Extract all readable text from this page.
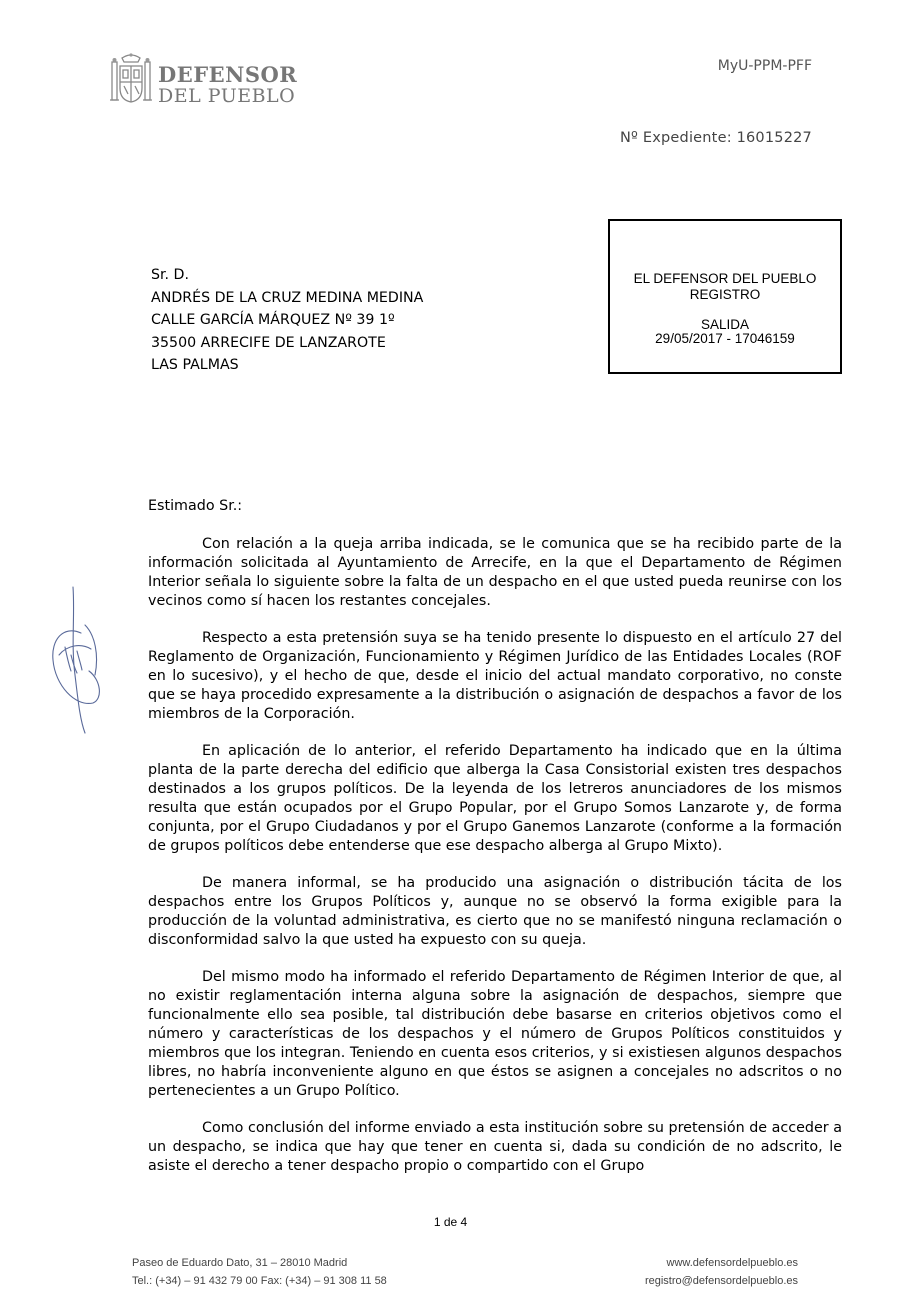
DEFENSOR
DEL PUEBLO
MyU-PPM-PFF
Nº Expediente: 16015227
EL DEFENSOR DEL PUEBLO
REGISTRO
SALIDA
29/05/2017 - 17046159
Sr. D.
ANDRÉS DE LA CRUZ MEDINA MEDINA
CALLE GARCÍA MÁRQUEZ Nº 39 1º
35500 ARRECIFE DE LANZAROTE
LAS PALMAS
Estimado Sr.:

Con relación a la queja arriba indicada, se le comunica que se ha recibido parte de la información solicitada al Ayuntamiento de Arrecife, en la que el Departamento de Régimen Interior señala lo siguiente sobre la falta de un despacho en el que usted pueda reunirse con los vecinos como sí hacen los restantes concejales.

Respecto a esta pretensión suya se ha tenido presente lo dispuesto en el artículo 27 del Reglamento de Organización, Funcionamiento y Régimen Jurídico de las Entidades Locales (ROF en lo sucesivo), y el hecho de que, desde el inicio del actual mandato corporativo, no conste que se haya procedido expresamente a la distribución o asignación de despachos a favor de los miembros de la Corporación.

En aplicación de lo anterior, el referido Departamento ha indicado que en la última planta de la parte derecha del edificio que alberga la Casa Consistorial existen tres despachos destinados a los grupos políticos. De la leyenda de los letreros anunciadores de los mismos resulta que están ocupados por el Grupo Popular, por el Grupo Somos Lanzarote y, de forma conjunta, por el Grupo Ciudadanos y por el Grupo Ganemos Lanzarote (conforme a la formación de grupos políticos debe entenderse que ese despacho alberga al Grupo Mixto).

De manera informal, se ha producido una asignación o distribución tácita de los despachos entre los Grupos Políticos y, aunque no se observó la forma exigible para la producción de la voluntad administrativa, es cierto que no se manifestó ninguna reclamación o disconformidad salvo la que usted ha expuesto con su queja.

Del mismo modo ha informado el referido Departamento de Régimen Interior de que, al no existir reglamentación interna alguna sobre la asignación de despachos, siempre que funcionalmente ello sea posible, tal distribución debe basarse en criterios objetivos como el número y características de los despachos y el número de Grupos Políticos constituidos y miembros que los integran. Teniendo en cuenta esos criterios, y si existiesen algunos despachos libres, no habría inconveniente alguno en que éstos se asignen a concejales no adscritos o no pertenecientes a un Grupo Político.

Como conclusión del informe enviado a esta institución sobre su pretensión de acceder a un despacho, se indica que hay que tener en cuenta si, dada su condición de no adscrito, le asiste el derecho a tener despacho propio o compartido con el Grupo

1 de 4
Paseo de Eduardo Dato, 31 – 28010 Madrid
Tel.: (+34) – 91 432 79 00 Fax: (+34) – 91 308 11 58
www.defensordelpueblo.es
registro@defensordelpueblo.es
